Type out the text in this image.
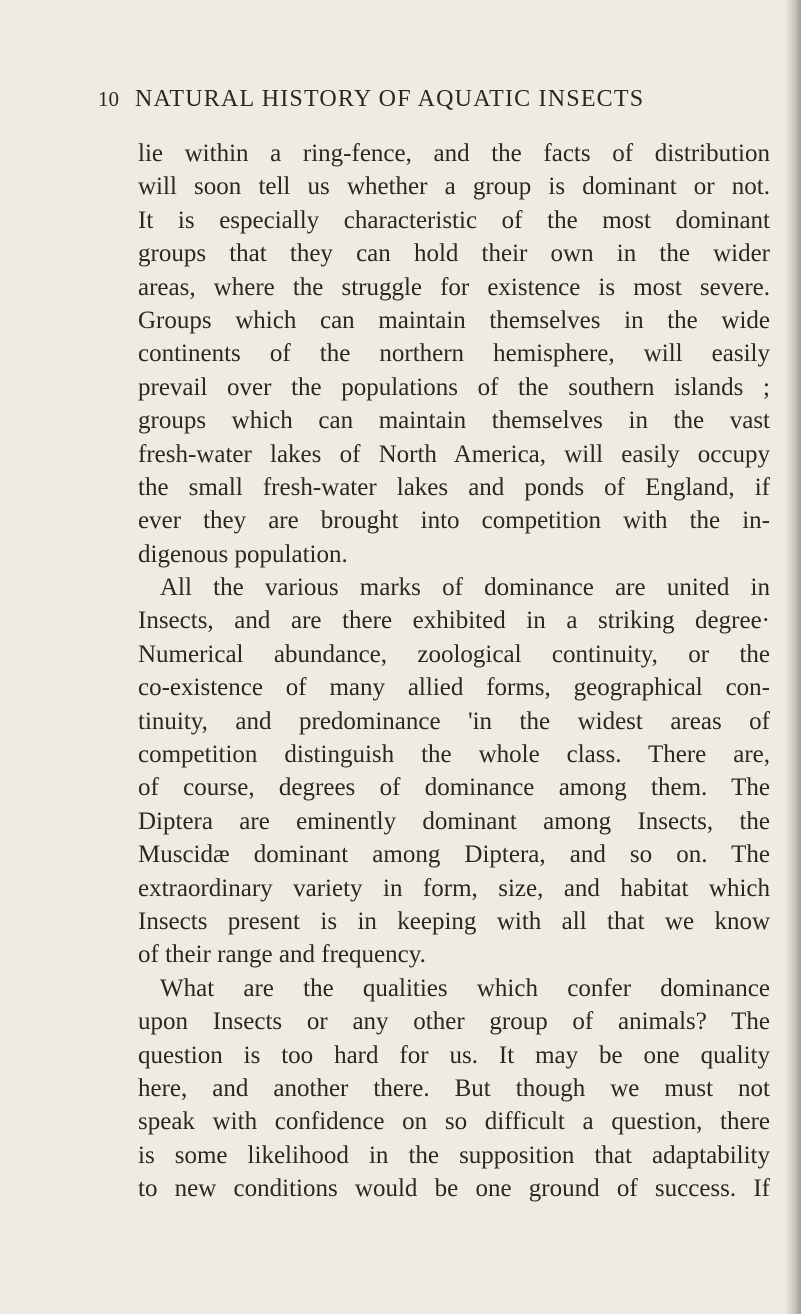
10 NATURAL HISTORY OF AQUATIC INSECTS
lie within a ring-fence, and the facts of distribution
will soon tell us whether a group is dominant or not.
It is especially characteristic of the most dominant
groups that they can hold their own in the wider
areas, where the struggle for existence is most severe.
Groups which can maintain themselves in the wide
continents of the northern hemisphere, will easily
prevail over the populations of the southern islands ;
groups which can maintain themselves in the vast
fresh-water lakes of North America, will easily occupy
the small fresh-water lakes and ponds of England, if
ever they are brought into competition with the in-
digenous population.
All the various marks of dominance are united in
Insects, and are there exhibited in a striking degree·
Numerical abundance, zoological continuity, or the
co-existence of many allied forms, geographical con-
tinuity, and predominance 'in the widest areas of
competition distinguish the whole class. There are,
of course, degrees of dominance among them. The
Diptera are eminently dominant among Insects, the
Muscidæ dominant among Diptera, and so on. The
extraordinary variety in form, size, and habitat which
Insects present is in keeping with all that we know
of their range and frequency.
What are the qualities which confer dominance
upon Insects or any other group of animals? The
question is too hard for us. It may be one quality
here, and another there. But though we must not
speak with confidence on so difficult a question, there
is some likelihood in the supposition that adaptability
to new conditions would be one ground of success. If
